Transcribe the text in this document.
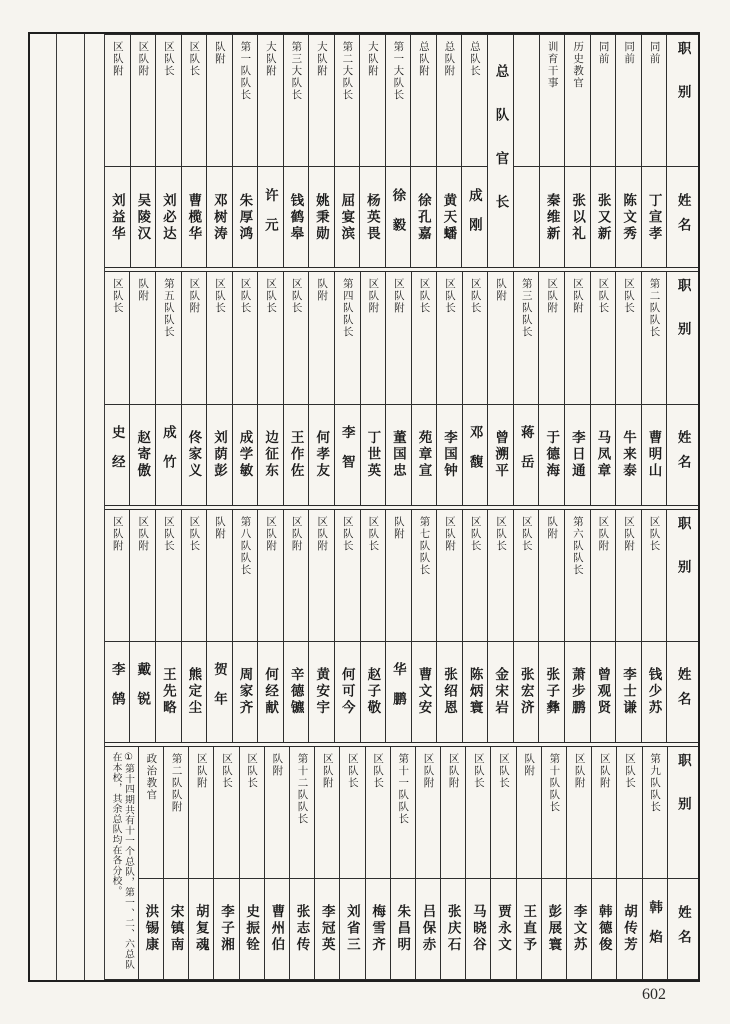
职别
姓名
同前
丁宣孝
同前
陈文秀
同前
张又新
历史教官
张以礼
训育干事
秦维新
总队官长
总队长
成刚
总队附
黄天蟠
总队附
徐孔嘉
第一大队长
徐毅
大队附
杨英畏
第二大队长
屈宴滨
大队附
姚秉勋
第三大队长
钱鹤皋
大队附
许元
第一队队长
朱厚鸿
队附
邓树涛
区队长
曹榄华
区队长
刘必达
区队附
吴陵汉
区队附
刘益华
职别
姓名
第二队队长
曹明山
区队长
牛来泰
区队长
马凤章
区队附
李日通
区队附
于德海
第三队队长
蒋岳
队附
曾溯平
区队长
邓馥
区队长
李国钟
区队长
苑章宣
区队附
董国忠
区队附
丁世英
第四队队长
李智
队附
何孝友
区队长
王作佐
区队长
边征东
区队长
成学敏
区队长
刘荫彭
区队附
佟家义
第五队队长
成竹
队附
赵寄傲
区队长
史经
职别
姓名
区队长
钱少苏
区队附
李士谦
区队附
曾观贤
第六队队长
萧步鹏
队附
张子彝
区队长
张宏济
区队长
金宋岩
区队长
陈炳寰
区队附
张绍恩
第七队队长
曹文安
队附
华鹏
区队长
赵子敬
区队长
何可今
区队附
黄安宇
区队附
辛德镳
区队附
何经献
第八队队长
周家齐
队附
贺年
区队长
熊定尘
区队长
王先略
区队附
戴锐
区队附
李鹄
职别
姓名
第九队队长
韩焰
区队长
胡传芳
区队附
韩德俊
区队附
李文苏
第十队队长
彭展寰
队附
王直予
区队长
贾永文
区队长
马晓谷
区队附
张庆石
区队附
吕保赤
第十一队队长
朱昌明
区队长
梅雪齐
区队长
刘省三
区队附
李冠英
第十二队队长
张志传
队附
曹州伯
区队长
史振铨
区队长
李子湘
区队附
胡复魂
第二队队附
宋镇南
政治教官
洪锡康
①第十四期共有十一个总队，第一、二、六总队在本校，其余总队均在各分校。
602
